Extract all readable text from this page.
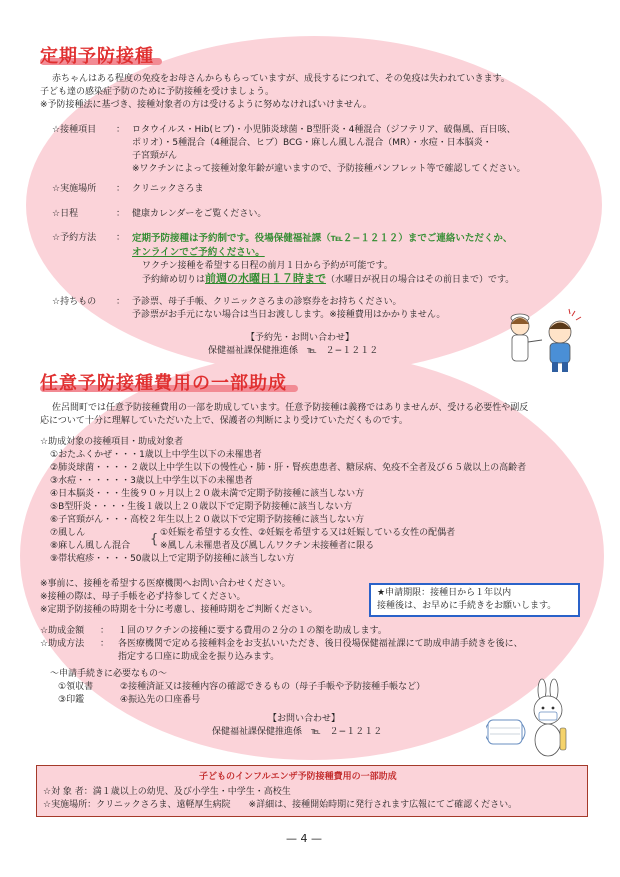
定期予防接種
赤ちゃんはある程度の免疫をお母さんからもらっていますが、成長するにつれて、その免疫は失われていきます。
子ども達の感染症予防のために予防接種を受けましょう。
※予防接種法に基づき、接種対象者の方は受けるように努めなければいけません。
☆接種項目 ： ロタウイルス・Hib(ヒブ)・小児肺炎球菌・B型肝炎・4種混合（ジフテリア、破傷風、百日咳、
ポリオ）・5種混合（4種混合、ヒブ）BCG・麻しん風しん混合（MR）・水痘・日本脳炎・
子宮頸がん
※ワクチンによって接種対象年齢が違いますので、予防接種パンフレット等で確認してください。
☆実施場所 ： クリニックさろま
☆日程	： 健康カレンダーをご覧ください。
☆予約方法 ： 定期予防接種は予約制です。役場保健福祉課（℡２−１２１２）までご連絡いただくか、
オンラインでご予約ください。
ワクチン接種を希望する日程の前月１日から予約が可能です。
予約締め切りは前週の水曜日１７時まで（水曜日が祝日の場合はその前日まで）です。
☆持ちもの ： 予診票、母子手帳、クリニックさろまの診察券をお持ちください。
予診票がお手元にない場合は当日お渡しします。※接種費用はかかりません。
【予約先・お問い合わせ】
保健福祉課保健推進係　℡　２−１２１２
任意予防接種費用の一部助成
佐呂間町では任意予防接種費用の一部を助成しています。任意予防接種は義務ではありませんが、受ける必要性や副反
応について十分に理解していただいた上で、保護者の判断により受けていただくものです。
☆助成対象の接種項目・助成対象者
①おたふくかぜ・・・1歳以上中学生以下の未罹患者
②肺炎球菌・・・・２歳以上中学生以下の慢性心・肺・肝・腎疾患患者、糖尿病、免疫不全者及び６５歳以上の高齢者
③水痘・・・・・・3歳以上中学生以下の未罹患者
④日本脳炎・・・生後９０ヶ月以上２０歳未満で定期予防接種に該当しない方
⑤B型肝炎・・・・生後１歳以上２０歳以下で定期予防接種に該当しない方
⑥子宮頸がん・・・高校２年生以上２０歳以下で定期予防接種に該当しない方
⑦風しん
⑧麻しん風しん混合 { ①妊娠を希望する女性、②妊娠を希望する又は妊娠している女性の配偶者
※風しん未罹患者及び風しんワクチン未接種者に限る
⑨帯状疱疹・・・・50歳以上で定期予防接種に該当しない方
※事前に、接種を希望する医療機関へお問い合わせください。
※接種の際は、母子手帳を必ず持参してください。
※定期予防接種の時期を十分に考慮し、接種時期をご判断ください。
★申請期限：接種日から１年以内
接種後は、お早めに手続きをお願いします。
☆助成金額 ： １回のワクチンの接種に要する費用の２分の１の額を助成します。
☆助成方法 ： 各医療機関で定める接種料金をお支払いいただき、後日役場保健福祉課にて助成申請手続きを後に、
指定する口座に助成金を振り込みます。
〜申請手続きに必要なもの〜
①領収書	②接種済証又は接種内容の確認できるもの（母子手帳や予防接種手帳など）
③印鑑	④振込先の口座番号
【お問い合わせ】
保健福祉課保健推進係　℡　２−１２１２
子どものインフルエンザ予防接種費用の一部助成
☆対 象 者：満１歳以上の幼児、及び小学生・中学生・高校生
☆実施場所：クリニックさろま、遠軽厚生病院　　※詳細は、接種開始時期に発行されます広報にてご確認ください。
— 4 —
